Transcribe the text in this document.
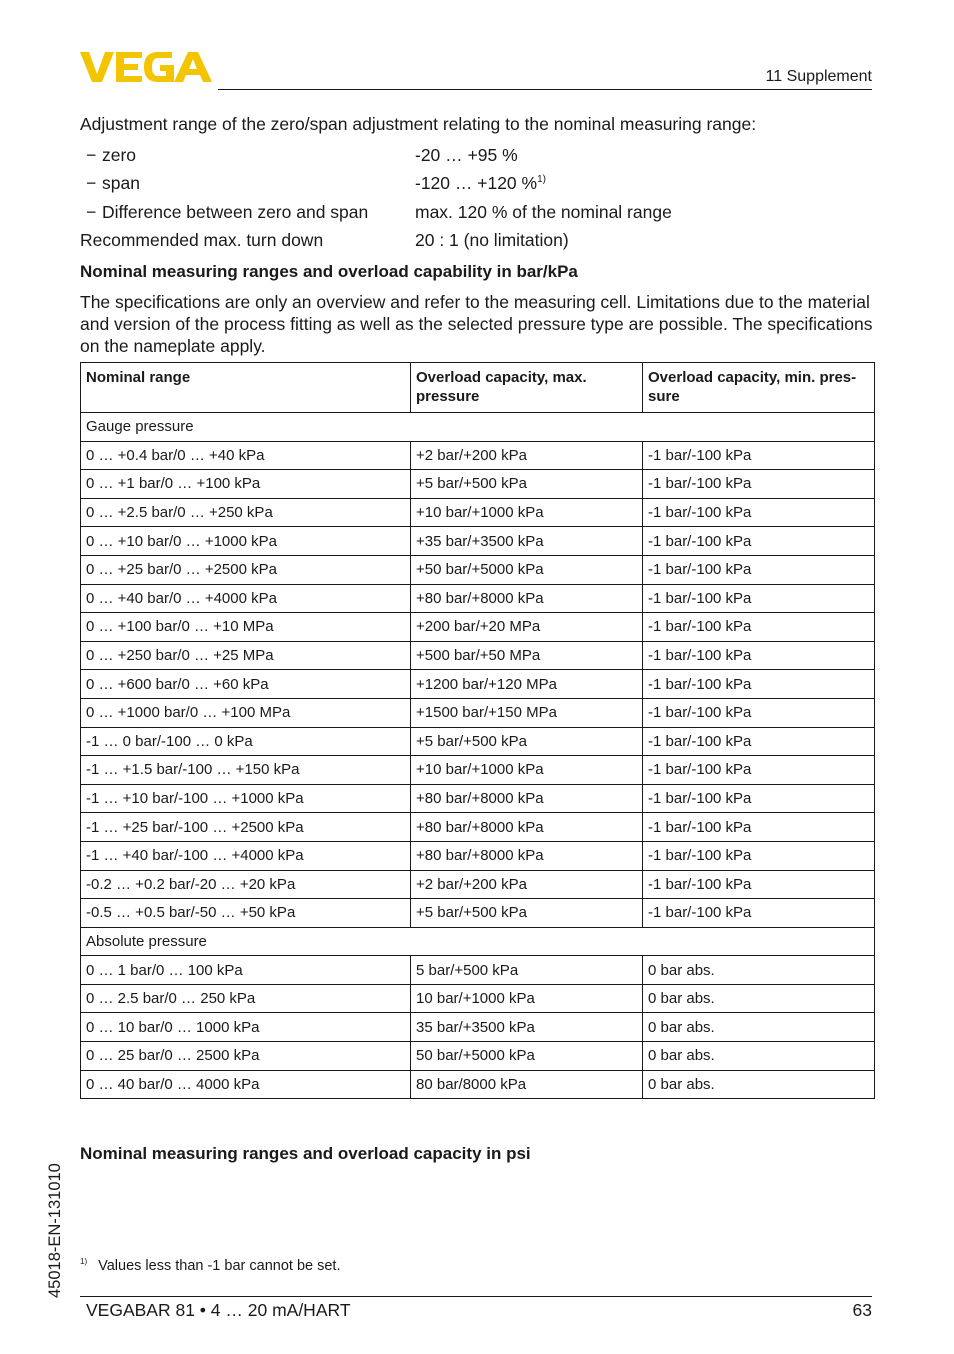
11 Supplement

Adjustment range of the zero/span adjustment relating to the nominal measuring range:

− zero	-20 … +95 %
− span	-120 … +120 %$^{1)}$
− Difference between zero and span	max. 120 % of the nominal range
Recommended max. turn down	20 : 1 (no limitation)
Nominal measuring ranges and overload capability in bar/kPa

The specifications are only an overview and refer to the measuring cell. Limitations due to the material and version of the process fitting as well as the selected pressure type are possible. The specifications on the nameplate apply.

Nominal range	Overload capacity, max. pressure	Overload capacity, min. pres-sure
Gauge pressure		
0 … +0.4 bar/0 … +40 kPa	+2 bar/+200 kPa	-1 bar/-100 kPa
0 … +1 bar/0 … +100 kPa	+5 bar/+500 kPa	-1 bar/-100 kPa
0 … +2.5 bar/0 … +250 kPa	+10 bar/+1000 kPa	-1 bar/-100 kPa
0 … +10 bar/0 … +1000 kPa	+35 bar/+3500 kPa	-1 bar/-100 kPa
0 … +25 bar/0 … +2500 kPa	+50 bar/+5000 kPa	-1 bar/-100 kPa
0 … +40 bar/0 … +4000 kPa	+80 bar/+8000 kPa	-1 bar/-100 kPa
0 … +100 bar/0 … +10 MPa	+200 bar/+20 MPa	-1 bar/-100 kPa
0 … +250 bar/0 … +25 MPa	+500 bar/+50 MPa	-1 bar/-100 kPa
0 … +600 bar/0 … +60 kPa	+1200 bar/+120 MPa	-1 bar/-100 kPa
0 … +1000 bar/0 … +100 MPa	+1500 bar/+150 MPa	-1 bar/-100 kPa
-1 … 0 bar/-100 … 0 kPa	+5 bar/+500 kPa	-1 bar/-100 kPa
-1 … +1.5 bar/-100 … +150 kPa	+10 bar/+1000 kPa	-1 bar/-100 kPa
-1 … +10 bar/-100 … +1000 kPa	+80 bar/+8000 kPa	-1 bar/-100 kPa
-1 … +25 bar/-100 … +2500 kPa	+80 bar/+8000 kPa	-1 bar/-100 kPa
-1 … +40 bar/-100 … +4000 kPa	+80 bar/+8000 kPa	-1 bar/-100 kPa
-0.2 … +0.2 bar/-20 … +20 kPa	+2 bar/+200 kPa	-1 bar/-100 kPa
-0.5 … +0.5 bar/-50 … +50 kPa	+5 bar/+500 kPa	-1 bar/-100 kPa
Absolute pressure		
0 … 1 bar/0 … 100 kPa	5 bar/+500 kPa	0 bar abs.
0 … 2.5 bar/0 … 250 kPa	10 bar/+1000 kPa	0 bar abs.
0 … 10 bar/0 … 1000 kPa	35 bar/+3500 kPa	0 bar abs.
0 … 25 bar/0 … 2500 kPa	50 bar/+5000 kPa	0 bar abs.
0 … 40 bar/0 … 4000 kPa	80 bar/8000 kPa	0 bar abs.
Nominal measuring ranges and overload capacity in psi
45018-EN-131010 $^{1)}$ Values less than -1 bar cannot be set.
VEGABAR 81 • 4 … 20 mA/HART	63
